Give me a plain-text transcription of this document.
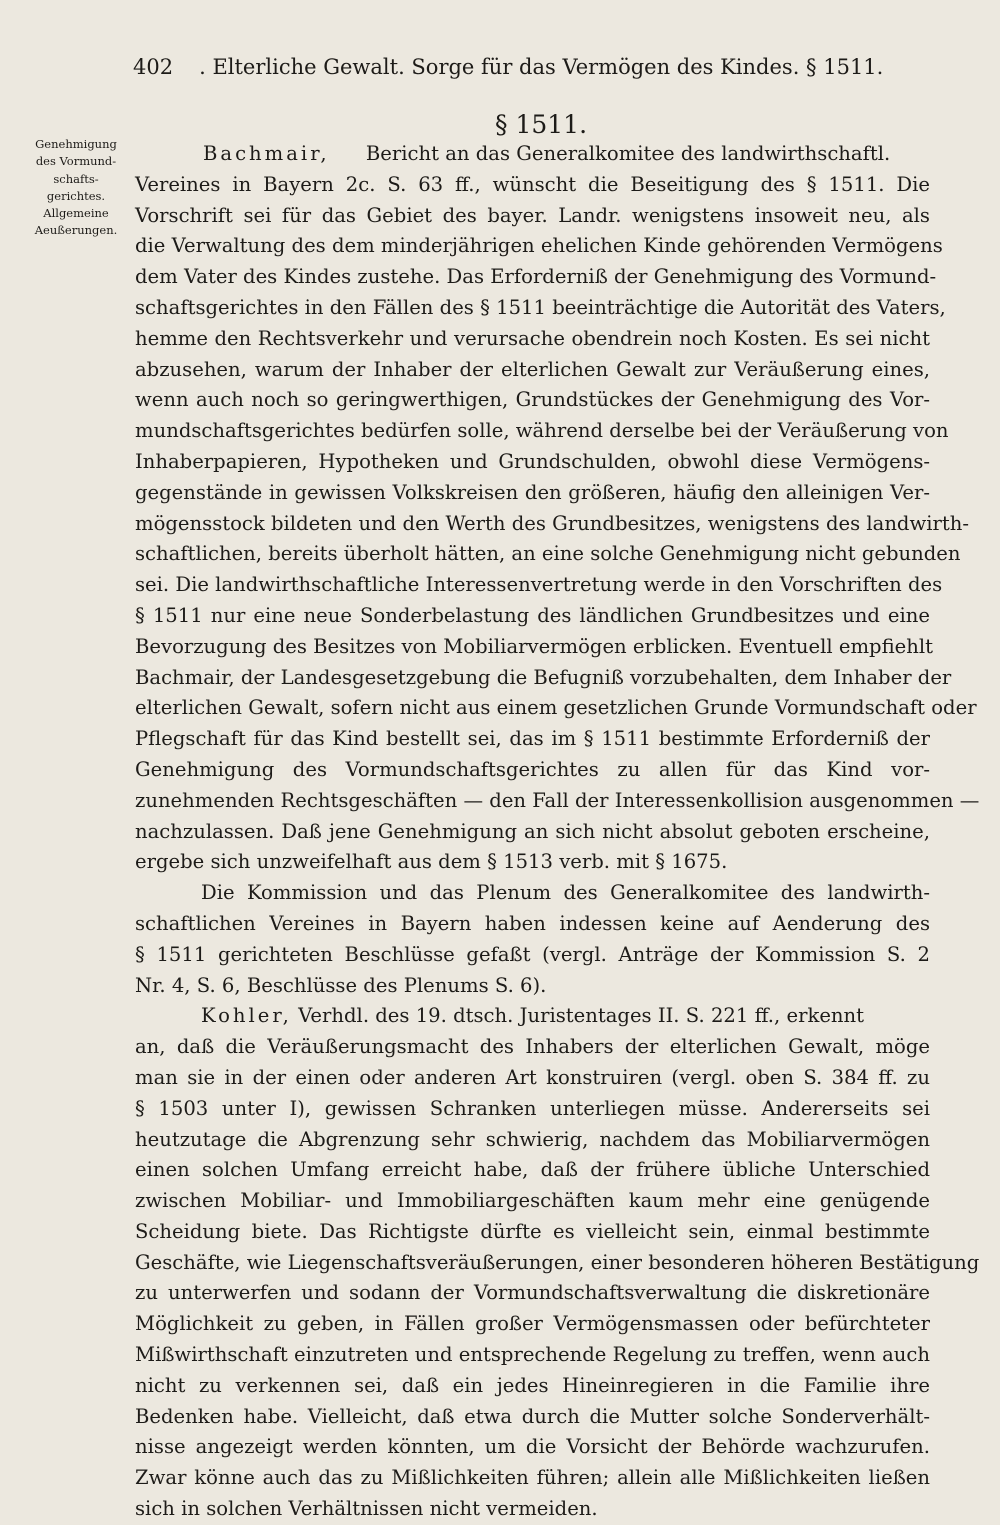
402 . Elterliche Gewalt. Sorge für das Vermögen des Kindes. § 1511.
§ 1511.
Genehmigung
des Vormund-
schafts-
gerichtes.
Allgemeine
Aeußerungen.
Bachmair, Bericht an das Generalkomitee des landwirthschaftl.
Vereines in Bayern 2c. S. 63 ff., wünscht die Beseitigung des § 1511. Die
Vorschrift sei für das Gebiet des bayer. Landr. wenigstens insoweit neu, als
die Verwaltung des dem minderjährigen ehelichen Kinde gehörenden Vermögens
dem Vater des Kindes zustehe. Das Erforderniß der Genehmigung des Vormund-
schaftsgerichtes in den Fällen des § 1511 beeinträchtige die Autorität des Vaters,
hemme den Rechtsverkehr und verursache obendrein noch Kosten. Es sei nicht
abzusehen, warum der Inhaber der elterlichen Gewalt zur Veräußerung eines,
wenn auch noch so geringwerthigen, Grundstückes der Genehmigung des Vor-
mundschaftsgerichtes bedürfen solle, während derselbe bei der Veräußerung von
Inhaberpapieren, Hypotheken und Grundschulden, obwohl diese Vermögens-
gegenstände in gewissen Volkskreisen den größeren, häufig den alleinigen Ver-
mögensstock bildeten und den Werth des Grundbesitzes, wenigstens des landwirth-
schaftlichen, bereits überholt hätten, an eine solche Genehmigung nicht gebunden
sei. Die landwirthschaftliche Interessenvertretung werde in den Vorschriften des
§ 1511 nur eine neue Sonderbelastung des ländlichen Grundbesitzes und eine
Bevorzugung des Besitzes von Mobiliarvermögen erblicken. Eventuell empfiehlt
Bachmair, der Landesgesetzgebung die Befugniß vorzubehalten, dem Inhaber der
elterlichen Gewalt, sofern nicht aus einem gesetzlichen Grunde Vormundschaft oder
Pflegschaft für das Kind bestellt sei, das im § 1511 bestimmte Erforderniß der
Genehmigung des Vormundschaftsgerichtes zu allen für das Kind vor-
zunehmenden Rechtsgeschäften — den Fall der Interessenkollision ausgenommen —
nachzulassen. Daß jene Genehmigung an sich nicht absolut geboten erscheine,
ergebe sich unzweifelhaft aus dem § 1513 verb. mit § 1675.
Die Kommission und das Plenum des Generalkomitee des landwirth-
schaftlichen Vereines in Bayern haben indessen keine auf Aenderung des
§ 1511 gerichteten Beschlüsse gefaßt (vergl. Anträge der Kommission S. 2
Nr. 4, S. 6, Beschlüsse des Plenums S. 6).
Kohler, Verhdl. des 19. dtsch. Juristentages II. S. 221 ff., erkennt
an, daß die Veräußerungsmacht des Inhabers der elterlichen Gewalt, möge
man sie in der einen oder anderen Art konstruiren (vergl. oben S. 384 ff. zu
§ 1503 unter I), gewissen Schranken unterliegen müsse. Andererseits sei
heutzutage die Abgrenzung sehr schwierig, nachdem das Mobiliarvermögen
einen solchen Umfang erreicht habe, daß der frühere übliche Unterschied
zwischen Mobiliar- und Immobiliargeschäften kaum mehr eine genügende
Scheidung biete. Das Richtigste dürfte es vielleicht sein, einmal bestimmte
Geschäfte, wie Liegenschaftsveräußerungen, einer besonderen höheren Bestätigung
zu unterwerfen und sodann der Vormundschaftsverwaltung die diskretionäre
Möglichkeit zu geben, in Fällen großer Vermögensmassen oder befürchteter
Mißwirthschaft einzutreten und entsprechende Regelung zu treffen, wenn auch
nicht zu verkennen sei, daß ein jedes Hineinregieren in die Familie ihre
Bedenken habe. Vielleicht, daß etwa durch die Mutter solche Sonderverhält-
nisse angezeigt werden könnten, um die Vorsicht der Behörde wachzurufen.
Zwar könne auch das zu Mißlichkeiten führen; allein alle Mißlichkeiten ließen
sich in solchen Verhältnissen nicht vermeiden.
